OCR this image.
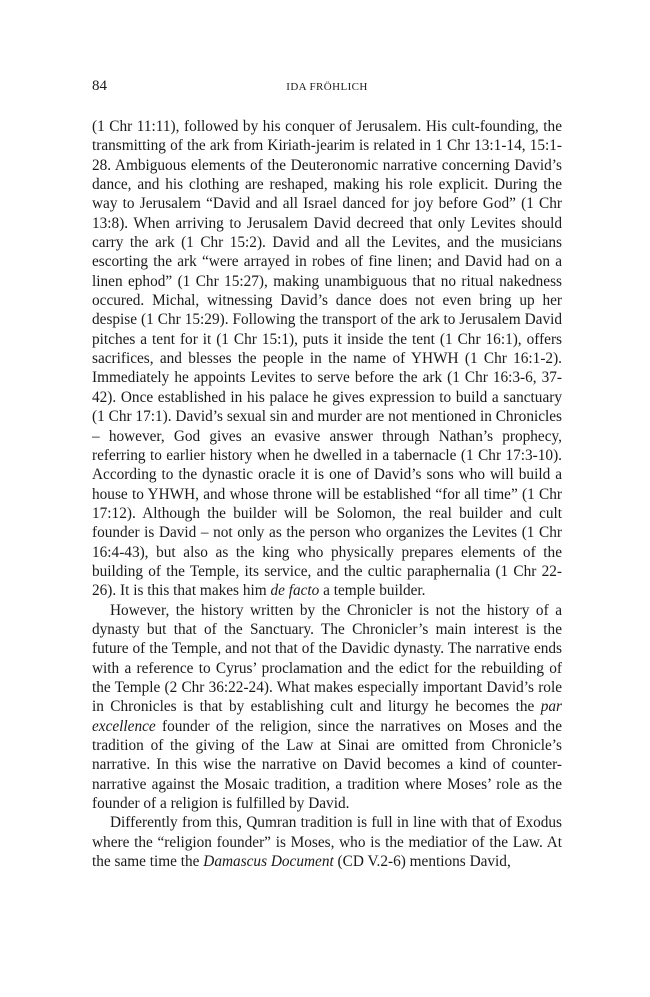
84	IDA FRÖHLICH

(1 Chr 11:11), followed by his conquer of Jerusalem. His cult-founding, the transmitting of the ark from Kiriath-jearim is related in 1 Chr 13:1-14, 15:1-28. Ambiguous elements of the Deuteronomic narrative concerning David’s dance, and his clothing are reshaped, making his role explicit. During the way to Jerusalem “David and all Israel danced for joy before God” (1 Chr 13:8). When arriving to Jerusalem David decreed that only Levites should carry the ark (1 Chr 15:2). David and all the Levites, and the musicians escorting the ark “were arrayed in robes of fine linen; and David had on a linen ephod” (1 Chr 15:27), making unambiguous that no ritual nakedness occured. Michal, witnessing David’s dance does not even bring up her despise (1 Chr 15:29). Following the transport of the ark to Jerusalem David pitches a tent for it (1 Chr 15:1), puts it inside the tent (1 Chr 16:1), offers sacrifices, and blesses the people in the name of YHWH (1 Chr 16:1-2). Immediately he appoints Levites to serve before the ark (1 Chr 16:3-6, 37-42). Once established in his palace he gives expression to build a sanctuary (1 Chr 17:1). David’s sexual sin and murder are not mentioned in Chronicles – however, God gives an evasive answer through Nathan’s prophecy, referring to earlier history when he dwelled in a tabernacle (1 Chr 17:3-10). According to the dynastic oracle it is one of David’s sons who will build a house to YHWH, and whose throne will be established “for all time” (1 Chr 17:12). Although the builder will be Solomon, the real builder and cult founder is David – not only as the person who organizes the Levites (1 Chr 16:4-43), but also as the king who physically prepares elements of the building of the Temple, its service, and the cultic paraphernalia (1 Chr 22-26). It is this that makes him de facto a temple builder.

However, the history written by the Chronicler is not the history of a dynasty but that of the Sanctuary. The Chronicler’s main interest is the future of the Temple, and not that of the Davidic dynasty. The narrative ends with a reference to Cyrus’ proclamation and the edict for the rebuilding of the Temple (2 Chr 36:22-24). What makes especially important David’s role in Chronicles is that by establishing cult and liturgy he becomes the par excellence founder of the religion, since the narratives on Moses and the tradition of the giving of the Law at Sinai are omitted from Chronicle’s narrative. In this wise the narrative on David becomes a kind of counter-narrative against the Mosaic tradition, a tradition where Moses’ role as the founder of a religion is fulfilled by David.

Differently from this, Qumran tradition is full in line with that of Exodus where the “religion founder” is Moses, who is the mediatior of the Law. At the same time the Damascus Document (CD V.2-6) mentions David,
